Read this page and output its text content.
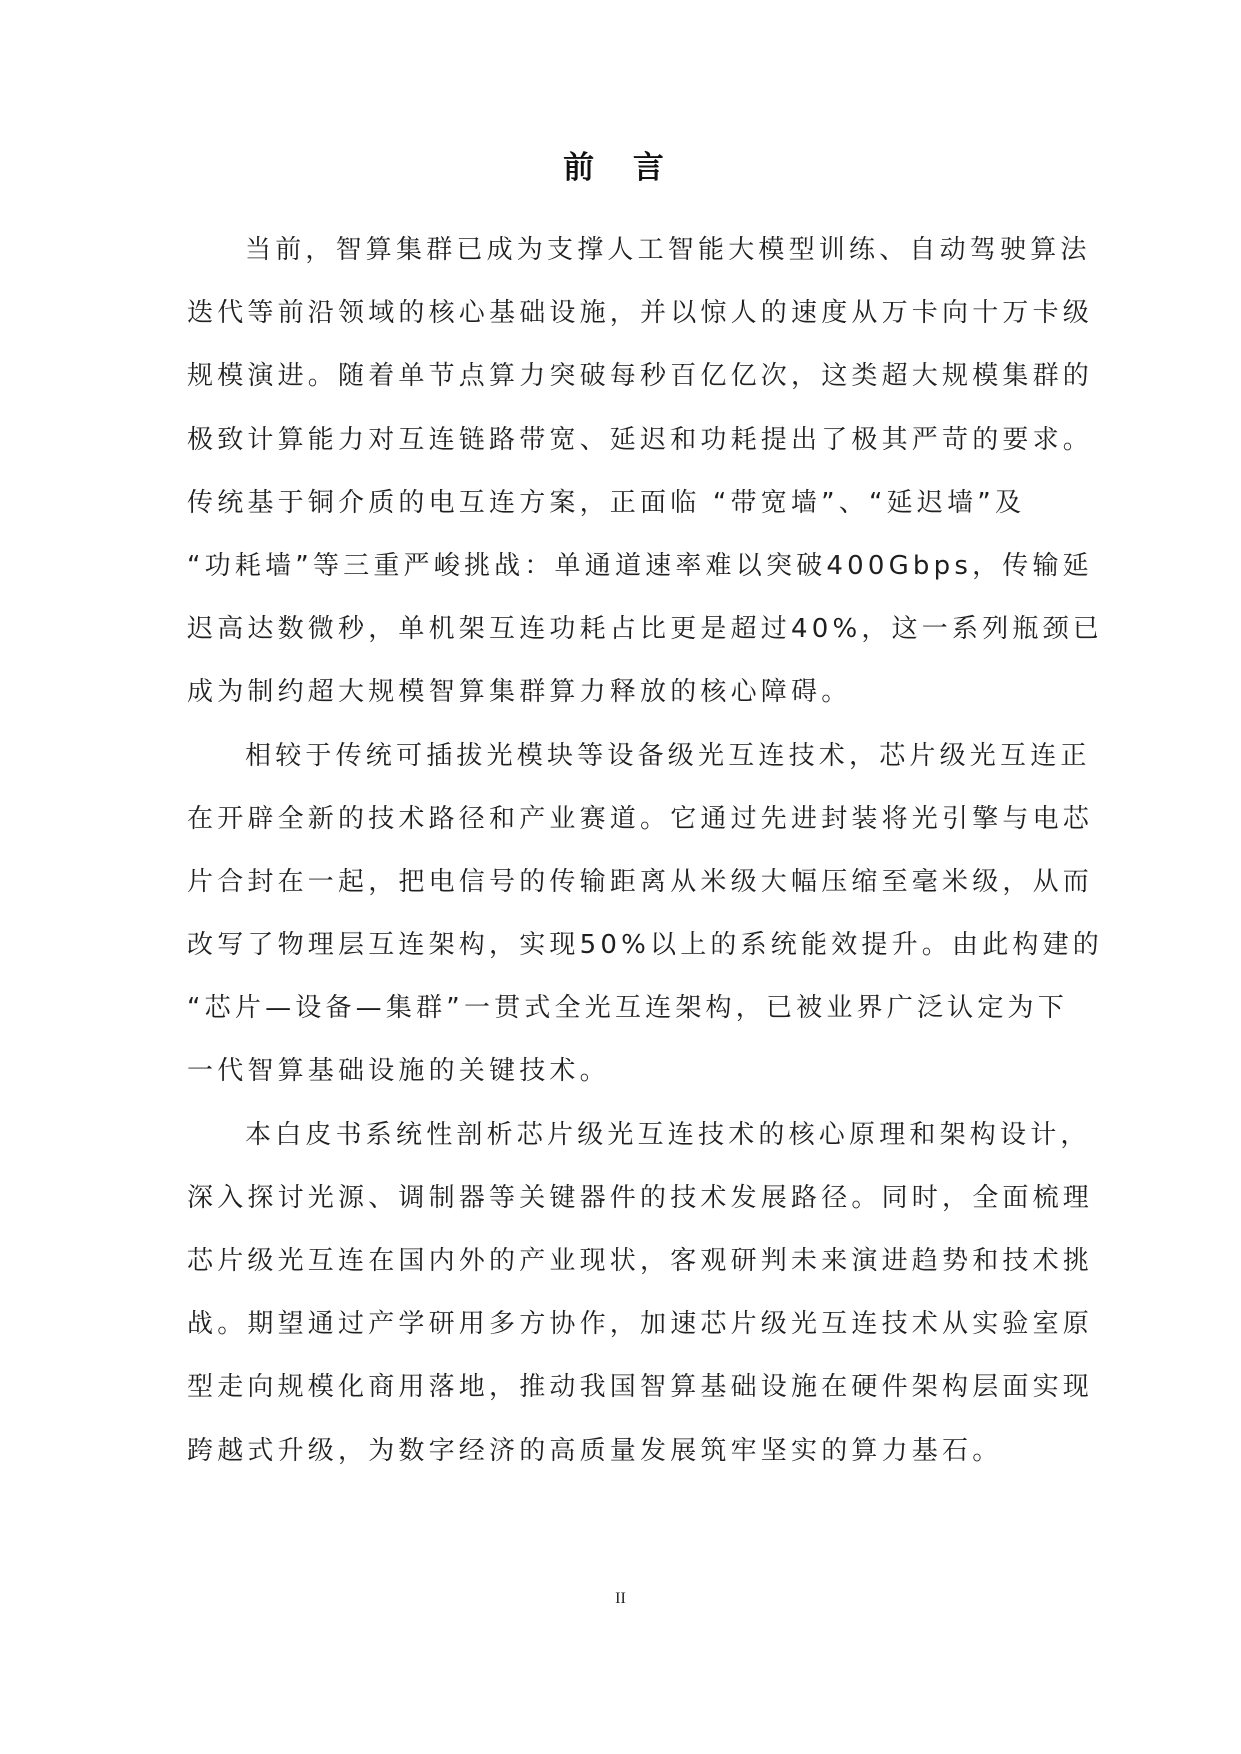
前 言
当前，智算集群已成为支撑人工智能大模型训练、自动驾驶算法
迭代等前沿领域的核心基础设施，并以惊人的速度从万卡向十万卡级
规模演进。随着单节点算力突破每秒百亿亿次，这类超大规模集群的
极致计算能力对互连链路带宽、延迟和功耗提出了极其严苛的要求。
传统基于铜介质的电互连方案，正面临 “带宽墙”、“延迟墙”及
“功耗墙”等三重严峻挑战：单通道速率难以突破400Gbps，传输延
迟高达数微秒，单机架互连功耗占比更是超过40%，这一系列瓶颈已
成为制约超大规模智算集群算力释放的核心障碍。
相较于传统可插拔光模块等设备级光互连技术，芯片级光互连正
在开辟全新的技术路径和产业赛道。它通过先进封装将光引擎与电芯
片合封在一起，把电信号的传输距离从米级大幅压缩至毫米级，从而
改写了物理层互连架构，实现50%以上的系统能效提升。由此构建的
“芯片—设备—集群”一贯式全光互连架构，已被业界广泛认定为下
一代智算基础设施的关键技术。
本白皮书系统性剖析芯片级光互连技术的核心原理和架构设计，
深入探讨光源、调制器等关键器件的技术发展路径。同时，全面梳理
芯片级光互连在国内外的产业现状，客观研判未来演进趋势和技术挑
战。期望通过产学研用多方协作，加速芯片级光互连技术从实验室原
型走向规模化商用落地，推动我国智算基础设施在硬件架构层面实现
跨越式升级，为数字经济的高质量发展筑牢坚实的算力基石。
II
